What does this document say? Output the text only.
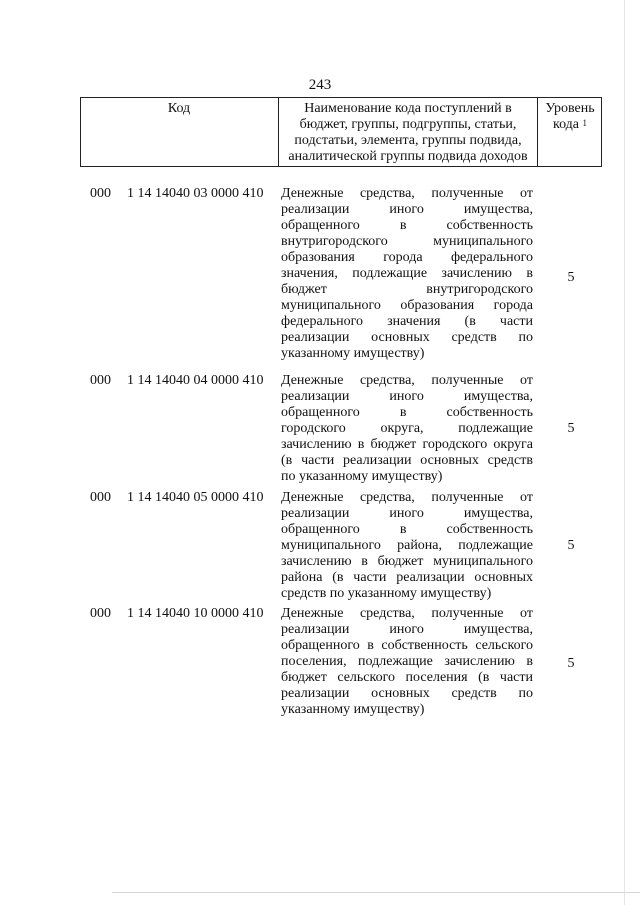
243
Код	Наименование кода поступлений в
бюджет, группы, подгруппы, статьи,
подстатьи, элемента, группы подвида,
аналитической группы подвида доходов
Уровень
кода $^1$
000	1 14 14040 03 0000 410	Денежные средства, полученные от
реализации иного имущества,
обращенного в собственность
внутригородского муниципального
образования города федерального
значения, подлежащие зачислению в
бюджет внутригородского
муниципального образования города
федерального значения (в части
реализации основных средств по
указанному имуществу)
5
000	1 14 14040 04 0000 410	Денежные средства, полученные от
реализации иного имущества,
обращенного в собственность
городского округа, подлежащие
зачислению в бюджет городского округа
(в части реализации основных средств
по указанному имуществу)
5
000	1 14 14040 05 0000 410	Денежные средства, полученные от
реализации иного имущества,
обращенного в собственность
муниципального района, подлежащие
зачислению в бюджет муниципального
района (в части реализации основных
средств по указанному имуществу)
5
000	1 14 14040 10 0000 410	Денежные средства, полученные от
реализации иного имущества,
обращенного в собственность сельского
поселения, подлежащие зачислению в
бюджет сельского поселения (в части
реализации основных средств по
указанному имуществу)
5
